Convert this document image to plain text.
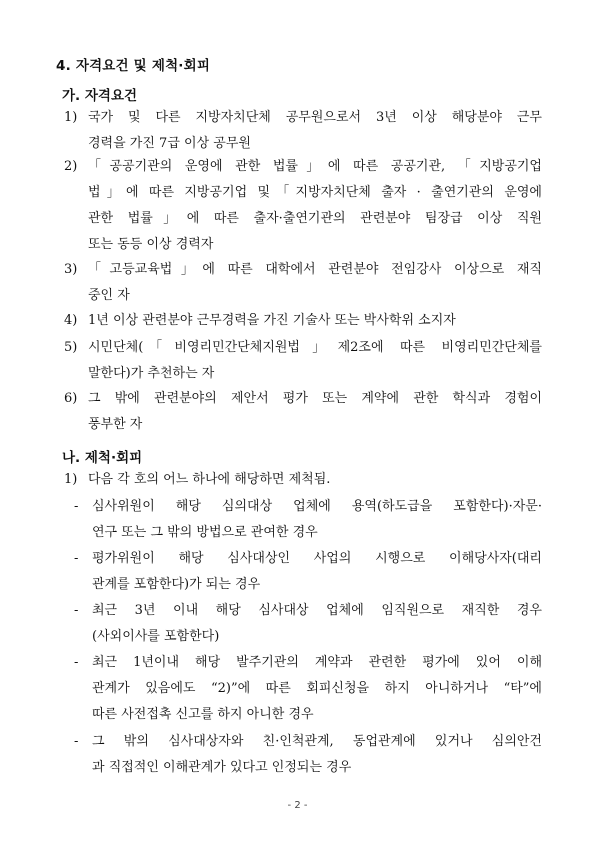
4. 자격요건 및 제척·회피
가. 자격요건
1) 국가 및 다른 지방자치단체 공무원으로서 3년 이상 해당분야 근무
경력을 가진 7급 이상 공무원
2) 「공공기관의 운영에 관한 법률」에 따른 공공기관, 「지방공기업
법」에 따른 지방공기업 및「지방자치단체 출자 · 출연기관의 운영에
관한 법률」에 따른 출자·출연기관의 관련분야 팀장급 이상 직원
또는 동등 이상 경력자
3) 「고등교육법」에 따른 대학에서 관련분야 전임강사 이상으로 재직
중인 자
4) 1년 이상 관련분야 근무경력을 가진 기술사 또는 박사학위 소지자
5) 시민단체(「비영리민간단체지원법」제2조에 따른 비영리민간단체를
말한다)가 추천하는 자
6) 그 밖에 관련분야의 제안서 평가 또는 계약에 관한 학식과 경험이
풍부한 자
나. 제척·회피
1) 다음 각 호의 어느 하나에 해당하면 제척됨.
-	심사위원이 해당 심의대상 업체에 용역(하도급을 포함한다)·자문·
연구 또는 그 밖의 방법으로 관여한 경우
-	평가위원이 해당 심사대상인 사업의 시행으로 이해당사자(대리
관계를 포함한다)가 되는 경우
-	최근 3년 이내 해당 심사대상 업체에 임직원으로 재직한 경우
(사외이사를 포함한다)
-	최근 1년이내 해당 발주기관의 계약과 관련한 평가에 있어 이해
관계가 있음에도 “2)”에 따른 회피신청을 하지 아니하거나 “타”에
따른 사전접촉 신고를 하지 아니한 경우
-	그 밖의 심사대상자와 친·인척관계, 동업관계에 있거나 심의안건
과 직접적인 이해관계가 있다고 인정되는 경우
- 2 -
